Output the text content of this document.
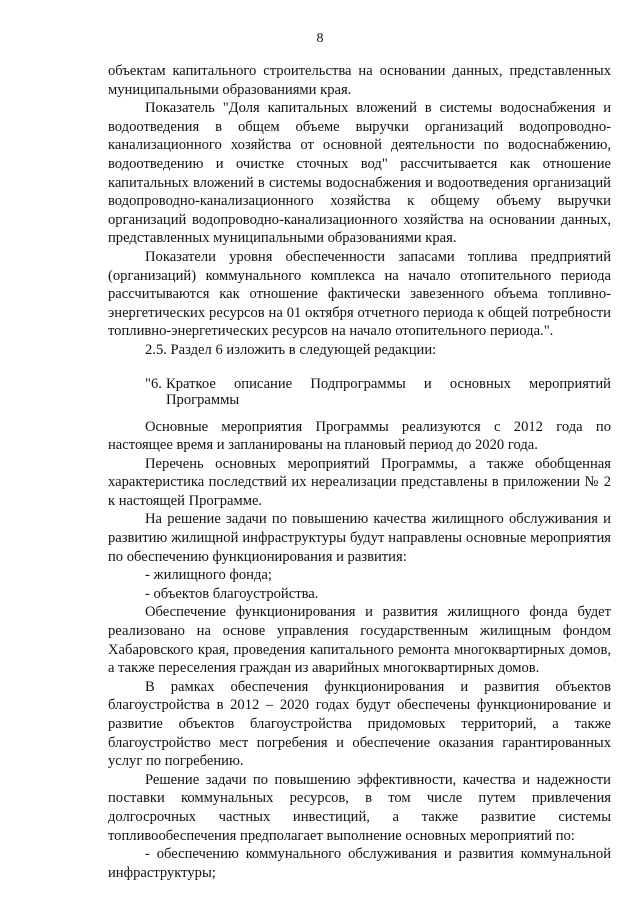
8

объектам капитального строительства на основании данных, представленных муниципальными образованиями края.

Показатель "Доля капитальных вложений в системы водоснабжения и водоотведения в общем объеме выручки организаций водопроводно-канализационного хозяйства от основной деятельности по водоснабжению, водоотведению и очистке сточных вод" рассчитывается как отношение капитальных вложений в системы водоснабжения и водоотведения организаций водопроводно-канализационного хозяйства к общему объему выручки организаций водопроводно-канализационного хозяйства на основании данных, представленных муниципальными образованиями края.

Показатели уровня обеспеченности запасами топлива предприятий (организаций) коммунального комплекса на начало отопительного периода рассчитываются как отношение фактически завезенного объема топливно-энергетических ресурсов на 01 октября отчетного периода к общей потребности топливно-энергетических ресурсов на начало отопительного периода.".

2.5. Раздел 6 изложить в следующей редакции:

"6. Краткое описание Подпрограммы и основных мероприятий Программы

Основные мероприятия Программы реализуются с 2012 года по настоящее время и запланированы на плановый период до 2020 года.

Перечень основных мероприятий Программы, а также обобщенная характеристика последствий их нереализации представлены в приложении № 2 к настоящей Программе.

На решение задачи по повышению качества жилищного обслуживания и развитию жилищной инфраструктуры будут направлены основные мероприятия по обеспечению функционирования и развития:

- жилищного фонда;

- объектов благоустройства.

Обеспечение функционирования и развития жилищного фонда будет реализовано на основе управления государственным жилищным фондом Хабаровского края, проведения капитального ремонта многоквартирных домов, а также переселения граждан из аварийных многоквартирных домов.

В рамках обеспечения функционирования и развития объектов благоустройства в 2012 – 2020 годах будут обеспечены функционирование и развитие объектов благоустройства придомовых территорий, а также благоустройство мест погребения и обеспечение оказания гарантированных услуг по погребению.

Решение задачи по повышению эффективности, качества и надежности поставки коммунальных ресурсов, в том числе путем привлечения долгосрочных частных инвестиций, а также развитие системы топливообеспечения предполагает выполнение основных мероприятий по:

- обеспечению коммунального обслуживания и развития коммунальной инфраструктуры;
